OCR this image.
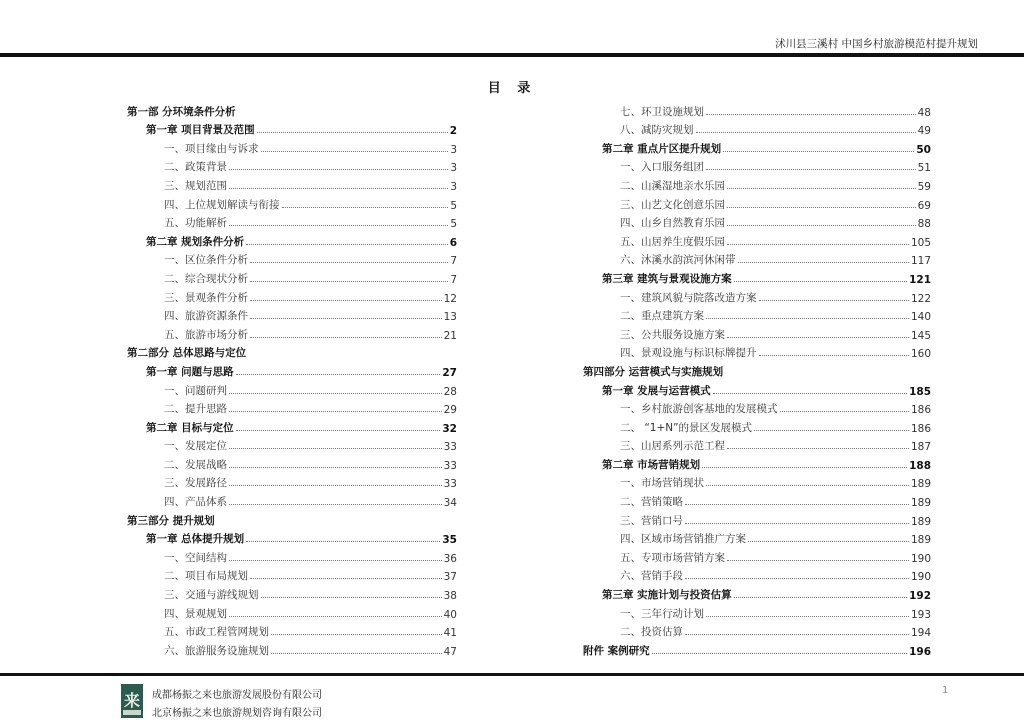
沭川县三溪村 中国乡村旅游模范村提升规划
目 录
第一部 分环境条件分析
第一章 项目背景及范围	2
一、项目缘由与诉求	3
二、政策背景	3
三、规划范围	3
四、上位规划解读与衔接	5
五、功能解析	5
第二章 规划条件分析	6
一、区位条件分析	7
二、综合现状分析	7
三、景观条件分析	12
四、旅游资源条件	13
五、旅游市场分析	21
第二部分 总体思路与定位
第一章 问题与思路	27
一、问题研判	28
二、提升思路	29
第二章 目标与定位	32
一、发展定位	33
二、发展战略	33
三、发展路径	33
四、产品体系	34
第三部分 提升规划
第一章 总体提升规划	35
一、空间结构	36
二、项目布局规划	37
三、交通与游线规划	38
四、景观规划	40
五、市政工程管网规划	41
六、旅游服务设施规划	47
七、环卫设施规划	48
八、减防灾规划	49
第二章 重点片区提升规划	50
一、入口服务组团	51
二、山溪湿地亲水乐园	59
三、山艺文化创意乐园	69
四、山乡自然教育乐园	88
五、山居养生度假乐园	105
六、沐溪水韵滨河休闲带	117
第三章 建筑与景观设施方案	121
一、建筑风貌与院落改造方案	122
二、重点建筑方案	140
三、公共服务设施方案	145
四、景观设施与标识标牌提升	160
第四部分 运营模式与实施规划
第一章 发展与运营模式	185
一、乡村旅游创客基地的发展模式	186
二、 “1+N”的景区发展模式	186
三、山居系列示范工程	187
第二章 市场营销规划	188
一、市场营销现状	189
二、营销策略	189
三、营销口号	189
四、区域市场营销推广方案	189
五、专项市场营销方案	190
六、营销手段	190
第三章 实施计划与投资估算	192
一、三年行动计划	193
二、投资估算	194
附件 案例研究	196
来	成都杨振之来也旅游发展股份有限公司
北京杨振之来也旅游规划咨询有限公司
1
